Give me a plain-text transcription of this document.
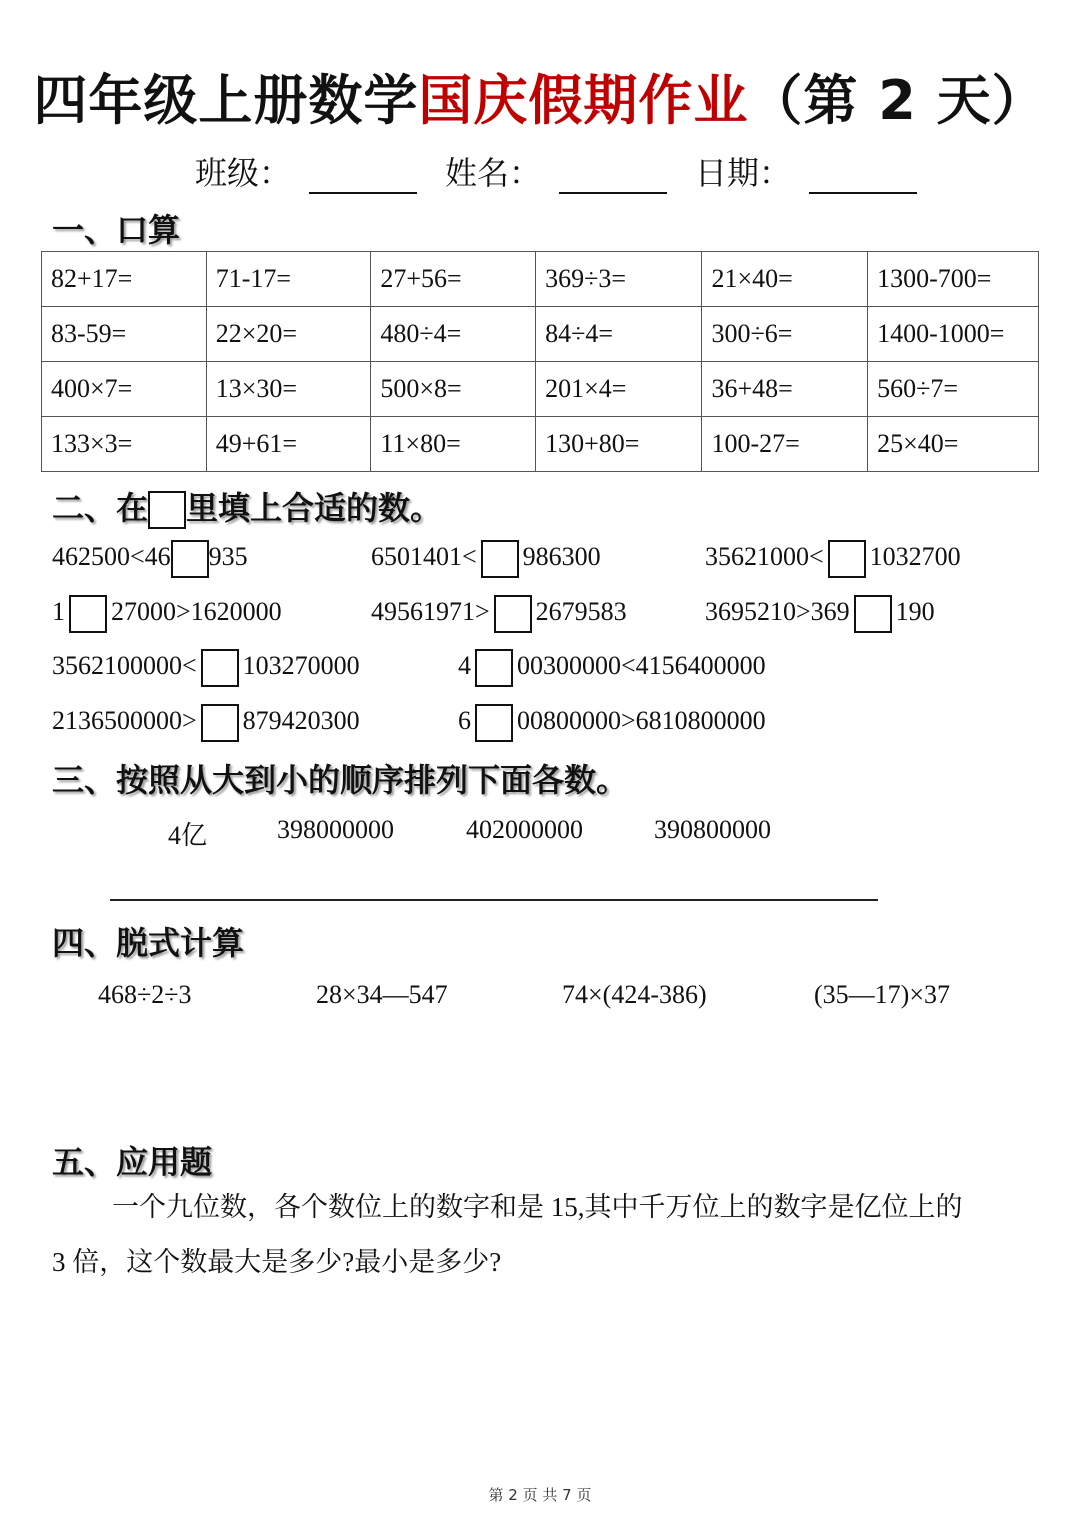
四年级上册数学国庆假期作业（第 2 天）
班级：	姓名：	日期：
一、口算
82+17=	71-17=	27+56=	369÷3=	21×40=	1300-700=
83-59=	22×20=	480÷4=	84÷4=	300÷6=	1400-1000=
400×7=	13×30=	500×8=	201×4=	36+48=	560÷7=
133×3=	49+61=	11×80=	130+80=	100-27=	25×40=
二、在 里填上合适的数。
462500<46 935	6501401< 986300	35621000< 1032700
1 27000>1620000	49561971> 2679583	3695210>369 190
3562100000< 103270000	4 00300000<4156400000
2136500000> 879420300	6 00800000>6810800000
三、按照从大到小的顺序排列下面各数。
4亿	398000000	402000000	390800000
四、脱式计算
468÷2÷3	28×34—547	74×(424-386)	(35—17)×37
五、应用题
一个九位数，各个数位上的数字和是 15,其中千万位上的数字是亿位上的
3 倍，这个数最大是多少?最小是多少?
第 2 页 共 7 页
